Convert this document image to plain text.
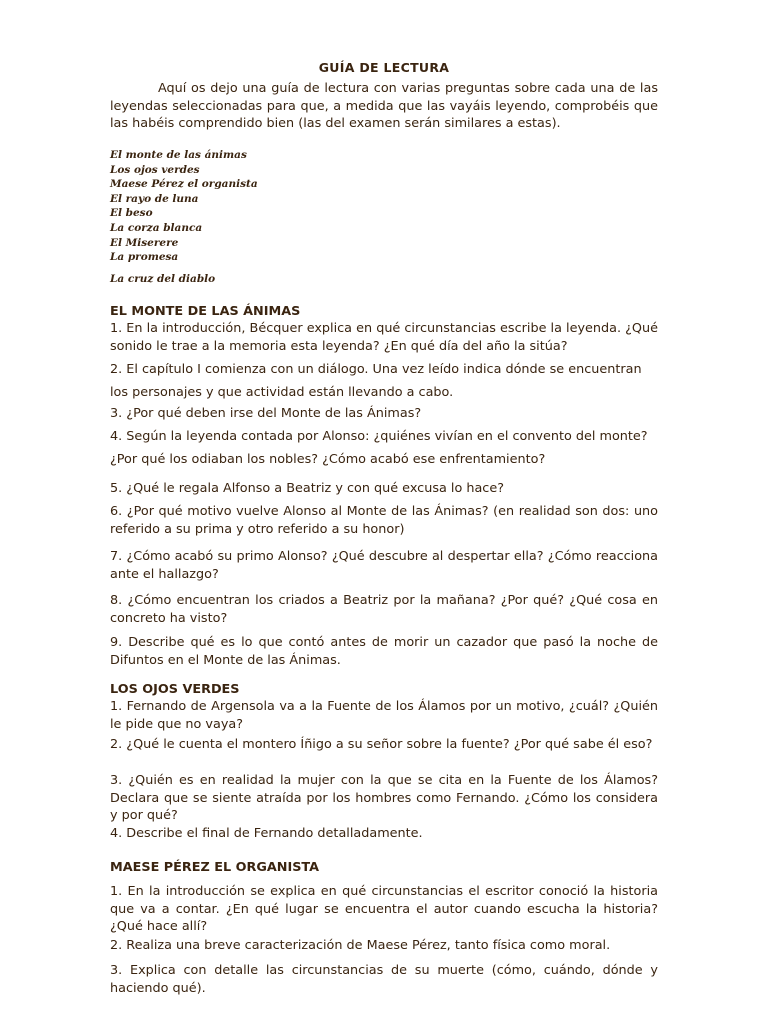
GUÍA DE LECTURA
Aquí os dejo una guía de lectura con varias preguntas sobre cada una de las leyendas seleccionadas para que, a medida que las vayáis leyendo, comprobéis que las habéis comprendido bien (las del examen serán similares a estas).
El monte de las ánimas
Los ojos verdes
Maese Pérez el organista
El rayo de luna
El beso
La corza blanca
El Miserere
La promesa
La cruz del diablo
EL MONTE DE LAS ÁNIMAS
1. En la introducción, Bécquer explica en qué circunstancias escribe la leyenda. ¿Qué sonido le trae a la memoria esta leyenda? ¿En qué día del año la sitúa?
2. El capítulo I comienza con un diálogo. Una vez leído indica dónde se encuentran los personajes y que actividad están llevando a cabo.
3. ¿Por qué deben irse del Monte de las Ánimas?
4. Según la leyenda contada por Alonso: ¿quiénes vivían en el convento del monte? ¿Por qué los odiaban los nobles? ¿Cómo acabó ese enfrentamiento?
5. ¿Qué le regala Alfonso a Beatriz y con qué excusa lo hace?
6. ¿Por qué motivo vuelve Alonso al Monte de las Ánimas? (en realidad son dos: uno referido a su prima y otro referido a su honor)
7. ¿Cómo acabó su primo Alonso? ¿Qué descubre al despertar ella? ¿Cómo reacciona ante el hallazgo?
8. ¿Cómo encuentran los criados a Beatriz por la mañana? ¿Por qué? ¿Qué cosa en concreto ha visto?
9. Describe qué es lo que contó antes de morir un cazador que pasó la noche de Difuntos en el Monte de las Ánimas.
LOS OJOS VERDES
1. Fernando de Argensola va a la Fuente de los Álamos por un motivo, ¿cuál? ¿Quién le pide que no vaya?
2. ¿Qué le cuenta el montero Íñigo a su señor sobre la fuente? ¿Por qué sabe él eso?
3. ¿Quién es en realidad la mujer con la que se cita en la Fuente de los Álamos? Declara que se siente atraída por los hombres como Fernando. ¿Cómo los considera y por qué?
4. Describe el final de Fernando detalladamente.
MAESE PÉREZ EL ORGANISTA
1. En la introducción se explica en qué circunstancias el escritor conoció la historia que va a contar. ¿En qué lugar se encuentra el autor cuando escucha la historia? ¿Qué hace allí?
2. Realiza una breve caracterización de Maese Pérez, tanto física como moral.
3. Explica con detalle las circunstancias de su muerte (cómo, cuándo, dónde y haciendo qué).
